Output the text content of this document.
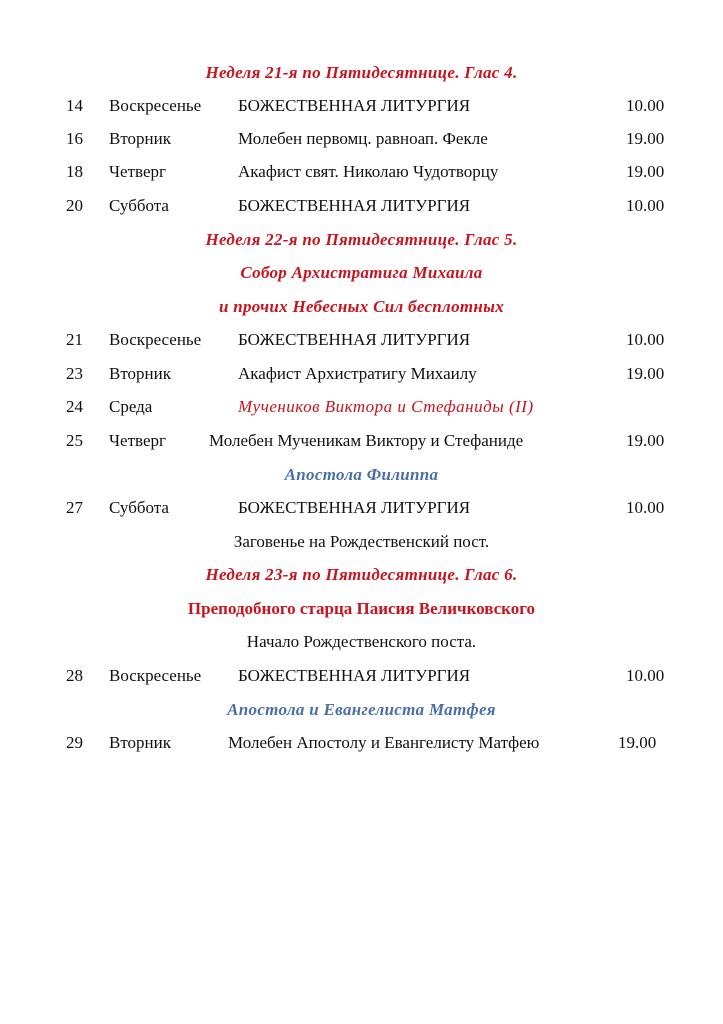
Неделя 21-я по Пятидесятнице. Глас 4.
14 Воскресенье БОЖЕСТВЕННАЯ ЛИТУРГИЯ	10.00
16 Вторник	Молебен первомц. равноап. Фекле	19.00
18 Четверг	Акафист свят. Николаю Чудотворцу	19.00
20 Суббота	БОЖЕСТВЕННАЯ ЛИТУРГИЯ	10.00
Неделя 22-я по Пятидесятнице. Глас 5.
Собор Архистратига Михаила
и прочих Небесных Сил бесплотных
21 Воскресенье БОЖЕСТВЕННАЯ ЛИТУРГИЯ	10.00
23 Вторник	Акафист Архистратигу Михаилу	19.00
24 Среда	Мучеников Виктора и Стефаниды (II)
25 Четверг	Молебен Мученикам Виктору и Стефаниде	19.00
Апостола Филиппа
27 Суббота	БОЖЕСТВЕННАЯ ЛИТУРГИЯ	10.00
Заговенье на Рождественский пост.
Неделя 23-я по Пятидесятнице. Глас 6.
Преподобного старца Паисия Величковского
Начало Рождественского поста.
28 Воскресенье БОЖЕСТВЕННАЯ ЛИТУРГИЯ	10.00
Апостола и Евангелиста Матфея
29 Вторник	Молебен Апостолу и Евангелисту Матфею	19.00
